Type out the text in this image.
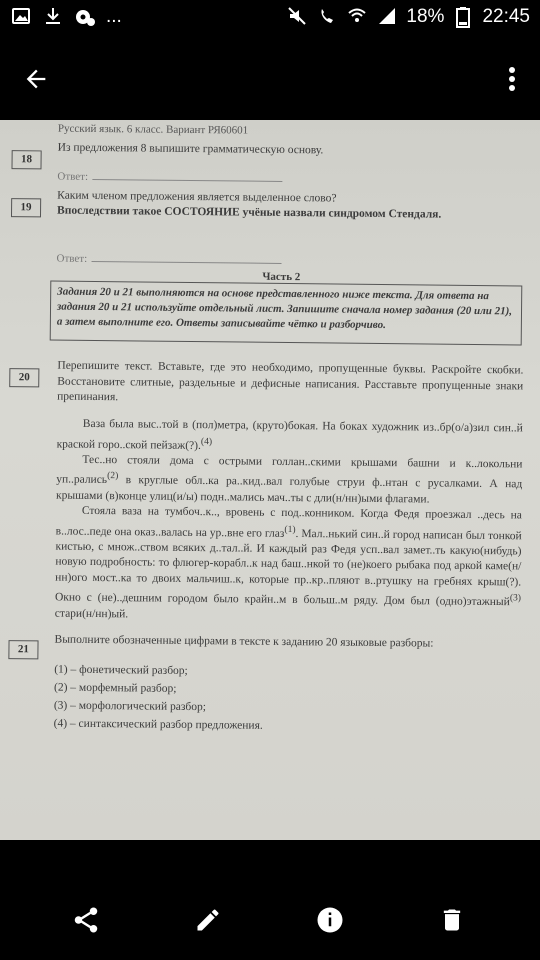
...	18% 22:45
Русский язык. 6 класс. Вариант РЯ60601
18
Из предложения 8 выпишите грамматическую основу.
Ответ:
19
Каким членом предложения является выделенное слово?
Впоследствии такое СОСТОЯНИЕ учёные назвали синдромом Стендаля.
Ответ:
Часть 2
Задания 20 и 21 выполняются на основе представленного ниже текста. Для ответа на задания 20 и 21 используйте отдельный лист. Запишите сначала номер задания (20 или 21), а затем выполните его. Ответы записывайте чётко и разборчиво.
20

Перепишите текст. Вставьте, где это необходимо, пропущенные буквы. Раскройте скобки. Восстановите слитные, раздельные и дефисные написания. Расставьте пропущенные знаки препинания.

Ваза была выс..той в (пол)метра, (круто)бокая. На боках художник из..бр(о/а)зил син..й краской горо..ской пейзаж(?).$^{(4)}$

Тес..но стояли дома с острыми голлан..скими крышами башни и к..локольни уп..рались$^{(2)}$ в круглые обл..ка ра..кид..вал голубые струи ф..нтан с русалками. А над крышами (в)конце улиц(и/ы) подн..мались мач..ты с дли(н/нн)ыми флагами.

Стояла ваза на тумбоч..к.., вровень с под..конником. Когда Федя проезжал ..десь на в..лос..педе она оказ..валась на ур..вне его глаз$^{(1)}$. Мал..нький син..й город написан был тонкой кистью, с множ..ством всяких д..тал..й. И каждый раз Федя усп..вал замет..ть какую(нибудь) новую подробность: то флюгер-корабл..к над баш..нкой то (не)коего рыбака под аркой каме(н/нн)ого мост..ка то двоих мальчиш..к, которые пр..кр..пляют в..ртушку на гребнях крыш(?). Окно с (не)..дешним городом было крайн..м в больш..м ряду. Дом был (одно)этажный$^{(3)}$ стари(н/нн)ый.

21	Выполните обозначенные цифрами в тексте к заданию 20 языковые разборы:
(1) – фонетический разбор;
(2) – морфемный разбор;
(3) – морфологический разбор;
(4) – синтаксический разбор предложения.
